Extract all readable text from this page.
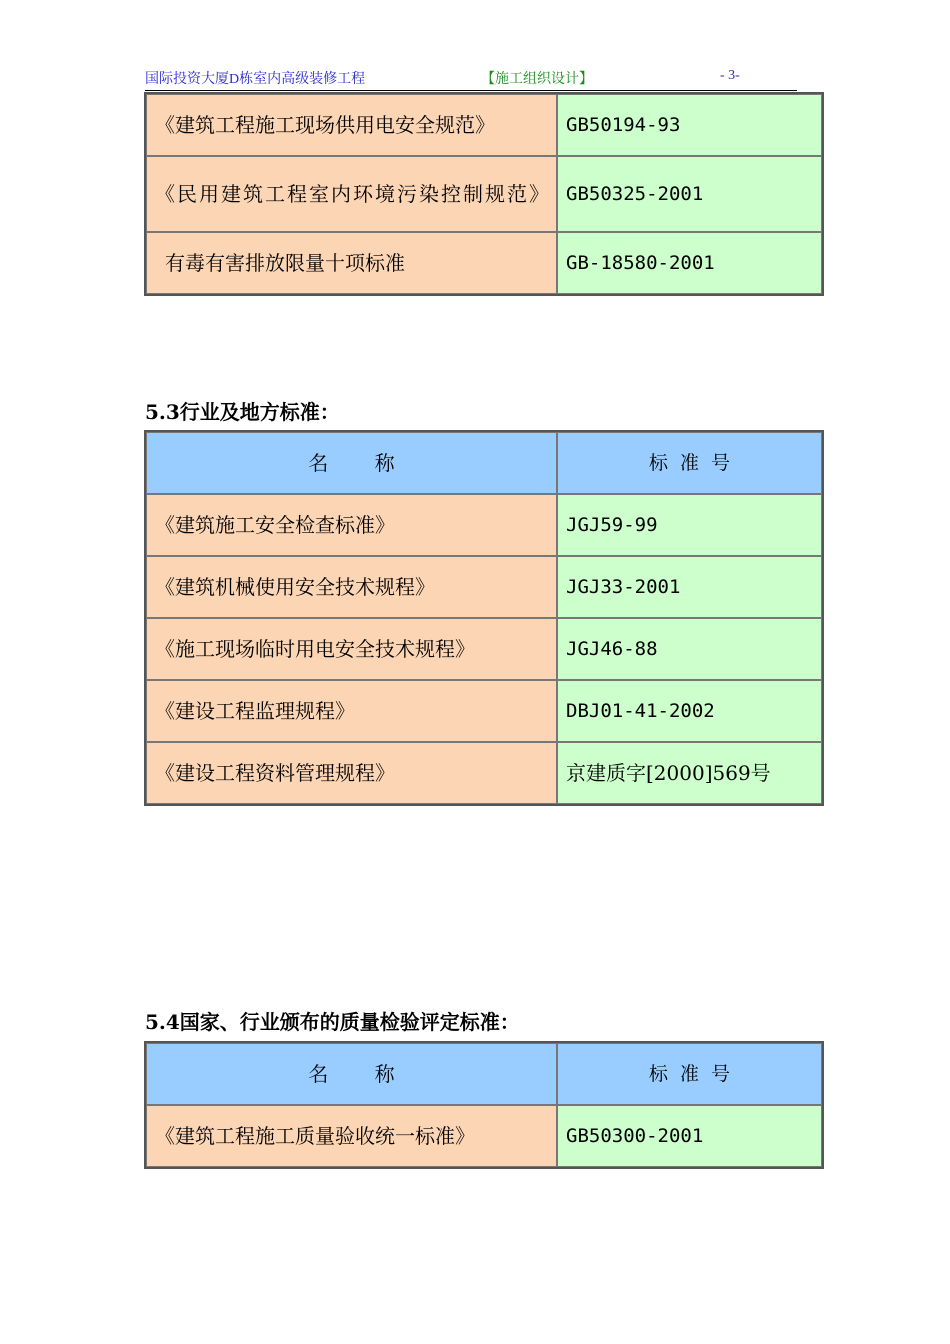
国际投资大厦D栋室内高级装修工程	【施工组织设计】	- 3-
《建筑工程施工现场供用电安全规范》	GB50194-93
《民用建筑工程室内环境污染控制规范》	GB50325-2001
有毒有害排放限量十项标准	GB-18580-2001
5.3行业及地方标准：
名 称	标 准 号
《建筑施工安全检查标准》	JGJ59-99
《建筑机械使用安全技术规程》	JGJ33-2001
《施工现场临时用电安全技术规程》	JGJ46-88
《建设工程监理规程》	DBJ01-41-2002
《建设工程资料管理规程》	京建质字[2000]569号
5.4国家、行业颁布的质量检验评定标准：
名 称	标 准 号
《建筑工程施工质量验收统一标准》	GB50300-2001
